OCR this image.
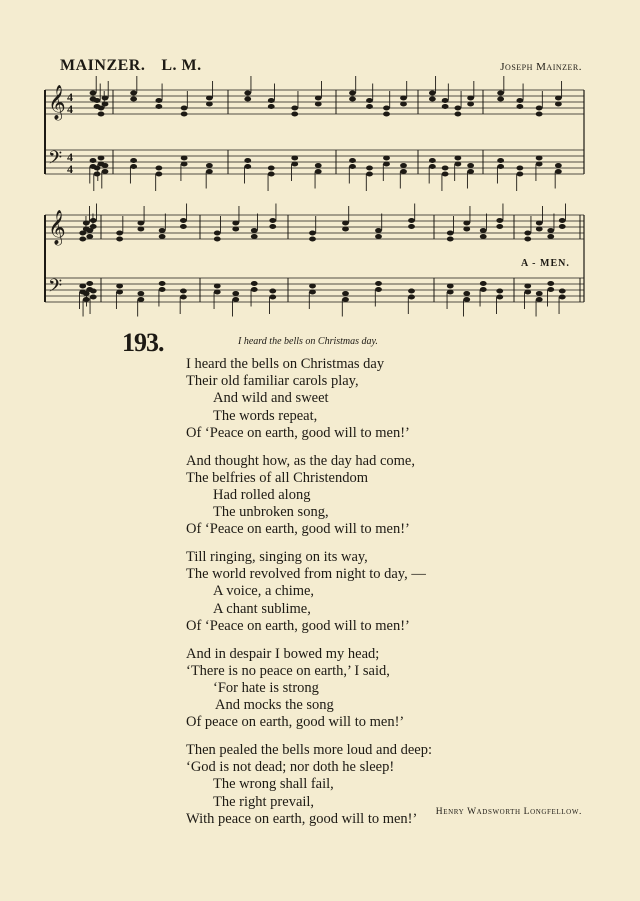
MAINZER. L. M.	Joseph Mainzer.
𝄞 4
4
𝄢 4
4
𝄞
𝄢
A - MEN.
193.	I heard the bells on Christmas day.
I heard the bells on Christmas day
Their old familiar carols play,
And wild and sweet
The words repeat,
Of ‘Peace on earth, good will to men!’
And thought how, as the day had come,
The belfries of all Christendom
Had rolled along
The unbroken song,
Of ‘Peace on earth, good will to men!’
Till ringing, singing on its way,
The world revolved from night to day, —
A voice, a chime,
A chant sublime,
Of ‘Peace on earth, good will to men!’
And in despair I bowed my head;
‘There is no peace on earth,’ I said,
‘For hate is strong
And mocks the song
Of peace on earth, good will to men!’
Then pealed the bells more loud and deep:
‘God is not dead; nor doth he sleep!
The wrong shall fail,
The right prevail,
With peace on earth, good will to men!’	Henry Wadsworth Longfellow.
